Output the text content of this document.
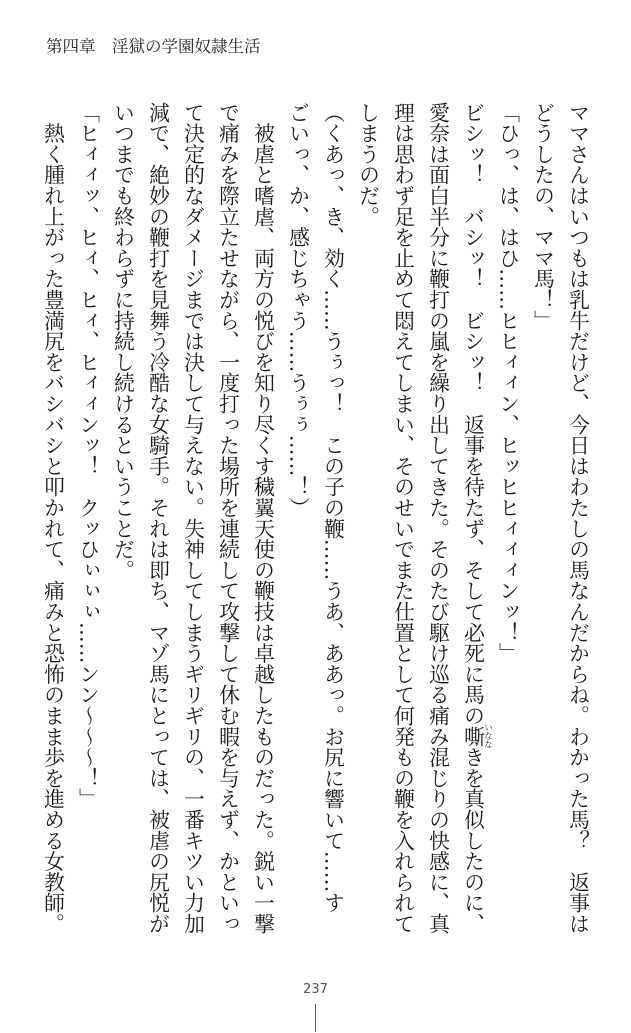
第四章　淫獄の学園奴隷生活
ママさんはいつもは乳牛だけど、今日はわたしの馬なんだからね。わかった馬？　返事は
どうしたの、ママ馬！」
「ひっ、は、はひ……ヒヒィィン、ヒッヒヒィィィンッ！」
ビシッ！　バシッ！　ビシッ！　返事を待たず、そして必死に馬の嘶きを真似したのに、
いなな
愛奈は面白半分に鞭打の嵐を繰り出してきた。そのたび駆け巡る痛み混じりの快感に、真
理は思わず足を止めて悶えてしまい、そのせいでまた仕置として何発もの鞭を入れられて
しまうのだ。
（くあっ、き、効く……うぅっ！　この子の鞭……うあ、ああっ。お尻に響いて……す
ごいっ、か、感じちゃう……うぅぅ……！）
　被虐と嗜虐、両方の悦びを知り尽くす穢翼天使の鞭技は卓越したものだった。鋭い一撃
で痛みを際立たせながら、一度打った場所を連続して攻撃して休む暇を与えず、かといっ
て決定的なダメージまでは決して与えない。失神してしまうギリギリの、一番キツい力加
減で、絶妙の鞭打を見舞う冷酷な女騎手。それは即ち、マゾ馬にとっては、被虐の尻悦が
いつまでも終わらずに持続し続けるということだ。
「ヒィィッ、ヒィ、ヒィ、ヒィィンッ！　クッひぃぃぃ……ンン〜〜〜！」
　熱く腫れ上がった豊満尻をバシバシと叩かれて、痛みと恐怖のまま歩を進める女教師。
237
